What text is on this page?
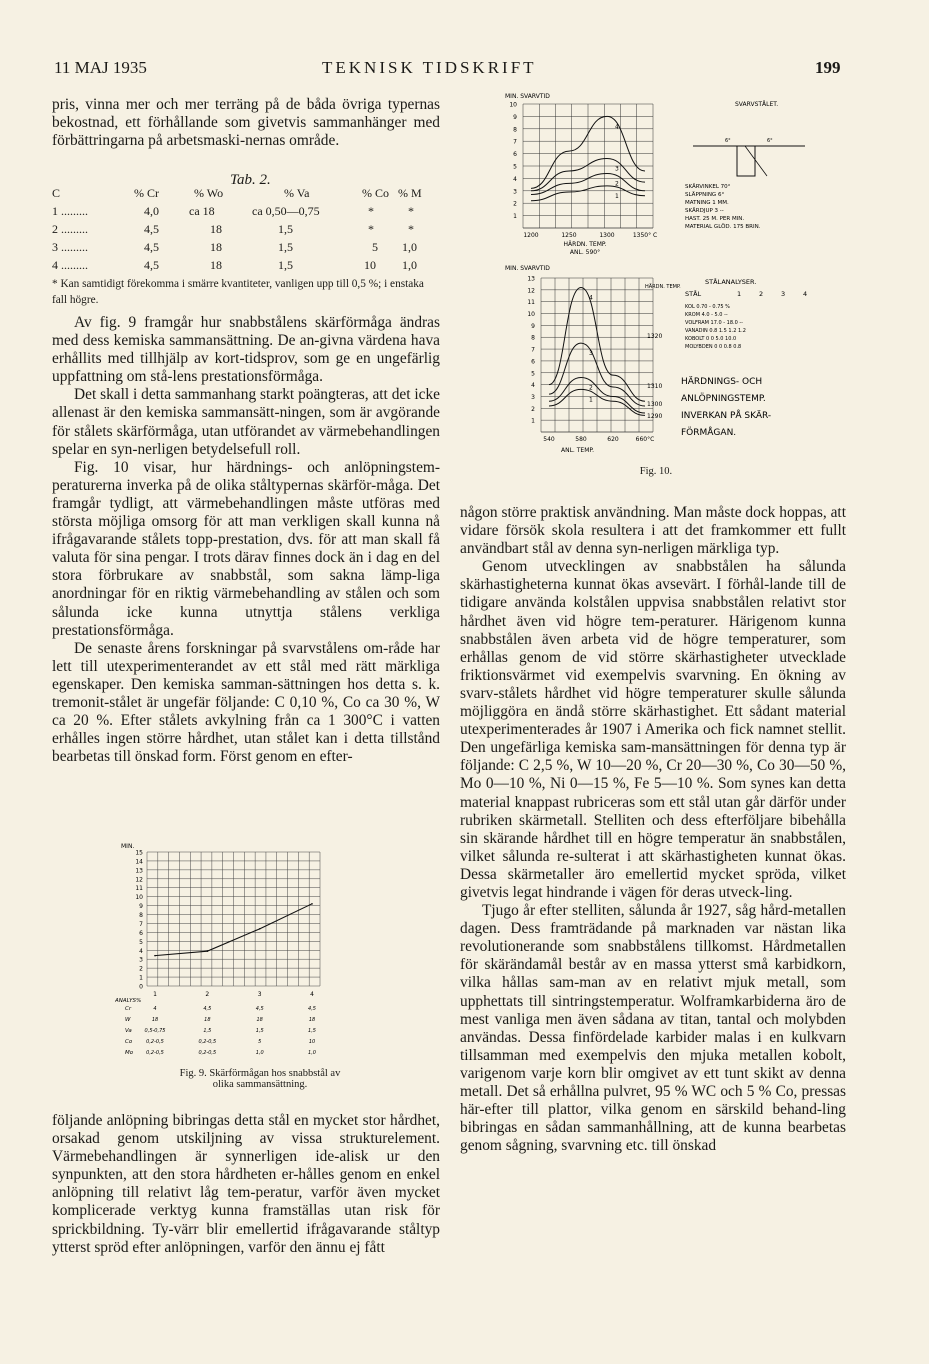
11 MAJ 1935	TEKNISK TIDSKRIFT	199

pris, vinna mer och mer terräng på de båda övriga typernas bekostnad, ett förhållande som givetvis sammanhänger med förbättringarna på arbetsmaski-nernas område.

Tab. 2.
C	% Cr	% Wo	% Va	% Co % M
1 .........	4,0	ca 18	ca 0,50—0,75	*	*
2 .........	4,5	18	1,5	*	*
3 .........	4,5	18	1,5	5 1,0
4 .........	4,5	18	1,5	10 1,0
* Kan samtidigt förekomma i smärre kvantiteter, vanligen upp till 0,5 %; i enstaka fall högre.

Av fig. 9 framgår hur snabbstålens skärförmåga ändras med dess kemiska sammansättning. De an-givna värdena hava erhållits med tillhjälp av kort-tidsprov, som ge en ungefärlig uppfattning om stå-lens prestationsförmåga.

Det skall i detta sammanhang starkt poängteras, att det icke allenast är den kemiska sammansätt-ningen, som är avgörande för stålets skärförmåga, utan utförandet av värmebehandlingen spelar en syn-nerligen betydelsefull roll.

Fig. 10 visar, hur härdnings- och anlöpningstem-peraturerna inverka på de olika ståltypernas skärför-måga. Det framgår tydligt, att värmebehandlingen måste utföras med största möjliga omsorg för att man verkligen skall kunna nå ifrågavarande stålets topp-prestation, dvs. för att man skall få valuta för sina pengar. I trots därav finnes dock än i dag en del stora förbrukare av snabbstål, som sakna lämp-liga anordningar för en riktig värmebehandling av stålen och som sålunda icke kunna utnyttja stålens verkliga prestationsförmåga.

De senaste årens forskningar på svarvstålens om-råde har lett till utexperimenterandet av ett stål med rätt märkliga egenskaper. Den kemiska samman-sättningen hos detta s. k. tremonit-stålet är ungefär följande: C 0,10 %, Co ca 30 %, W ca 20 %. Efter stålets avkylning från ca 1 300°C i vatten erhålles ingen större hårdhet, utan stålet kan i detta tillstånd bearbetas till önskad form. Först genom en efter-

MIN.
0
1
2
3
4
5
6
7
8
9
10
11
12
13
14
15
ANALYS%
1	2	3	4
Cr	4	4,5	4,5	4,5
W	18	18	18	18
Va	0,5-0,75	1,5	1,5	1,5
Co	0,2-0,5	0,2-0,5	5	10
Mo	0,2-0,5	0,2-0,5	1,0	1,0
Fig. 9. Skärförmågan hos snabbstål av
olika sammansättning.

följande anlöpning bibringas detta stål en mycket stor hårdhet, orsakad genom utskiljning av vissa strukturelement. Värmebehandlingen är synnerligen ide-alisk ur den synpunkten, att den stora hårdheten er-hålles genom en enkel anlöpning till relativt låg tem-peratur, varför även mycket komplicerade verktyg kunna framställas utan risk för sprickbildning. Ty-värr blir emellertid ifrågavarande ståltyp ytterst spröd efter anlöpningen, varför den ännu ej fått

MIN. SVARVTID
1
2
3
4
5
6
7
8
9
10
1200	1250	1300	1350° C
1
2
3
4
HÄRDN. TEMP.
ANL. 590°
MIN. SVARVTID
1
2
3
4
5
6
7
8
9
10
11
12
13
540	580	620	660°C
1
2
3
4
ANL. TEMP.
HÄRDN. TEMP.
1320
1310
1300
1290
SVARVSTÅLET.
6°	6°
SKÄRVINKEL 70°
SLÄPPNING 6°
MATNING 1 MM.
SKÄRDJUP 3 --
HAST. 25 M. PER MIN.
MATERIAL GLÖD. 175 BRIN.
STÅLANALYSER.
STÅL	1	2	3	4
KOL 0.70 - 0.75 %
KROM 4.0 - 5.0 --
VOLFRAM 17.0 - 18.0 --
VANADIN 0.8 1.5 1.2 1.2
KOBOLT 0 0 5.0 10.0
MOLYBDEN 0 0 0.8 0.8
HÄRDNINGS- OCH
ANLÖPNINGSTEMP.
INVERKAN PÅ SKÄR-
FÖRMÅGAN.
Fig. 10.

någon större praktisk användning. Man måste dock hoppas, att vidare försök skola resultera i att det framkommer ett fullt användbart stål av denna syn-nerligen märkliga typ.

Genom utvecklingen av snabbstålen ha sålunda skärhastigheterna kunnat ökas avsevärt. I förhål-lande till de tidigare använda kolstålen uppvisa snabbstålen relativt stor hårdhet även vid högre tem-peraturer. Härigenom kunna snabbstålen även arbeta vid de högre temperaturer, som erhållas genom de vid större skärhastigheter utvecklade friktionsvärmet vid exempelvis svarvning. En ökning av svarv-stålets hårdhet vid högre temperaturer skulle sålunda möjliggöra en ändå större skärhastighet. Ett sådant material utexperimenterades år 1907 i Amerika och fick namnet stellit. Den ungefärliga kemiska sam-mansättningen för denna typ är följande: C 2,5 %, W 10—20 %, Cr 20—30 %, Co 30—50 %, Mo 0—10 %, Ni 0—15 %, Fe 5—10 %. Som synes kan detta material knappast rubriceras som ett stål utan går därför under rubriken skärmetall. Stelliten och dess efterföljare bibehålla sin skärande hårdhet till en högre temperatur än snabbstålen, vilket sålunda re-sulterat i att skärhastigheten kunnat ökas. Dessa skärmetaller äro emellertid mycket spröda, vilket givetvis legat hindrande i vägen för deras utveck-ling.

Tjugo år efter stelliten, sålunda år 1927, såg hård-metallen dagen. Dess framträdande på marknaden var nästan lika revolutionerande som snabbstålens tillkomst. Hårdmetallen för skärändamål består av en massa ytterst små karbidkorn, vilka hållas sam-man av en relativt mjuk metall, som upphettats till sintringstemperatur. Wolframkarbiderna äro de mest vanliga men även sådana av titan, tantal och molybden användas. Dessa finfördelade karbider malas i en kulkvarn tillsamman med exempelvis den mjuka metallen kobolt, varigenom varje korn blir omgivet av ett tunt skikt av denna metall. Det så erhållna pulvret, 95 % WC och 5 % Co, pressas här-efter till plattor, vilka genom en särskild behand-ling bibringas en sådan sammanhållning, att de kunna bearbetas genom sågning, svarvning etc. till önskad
